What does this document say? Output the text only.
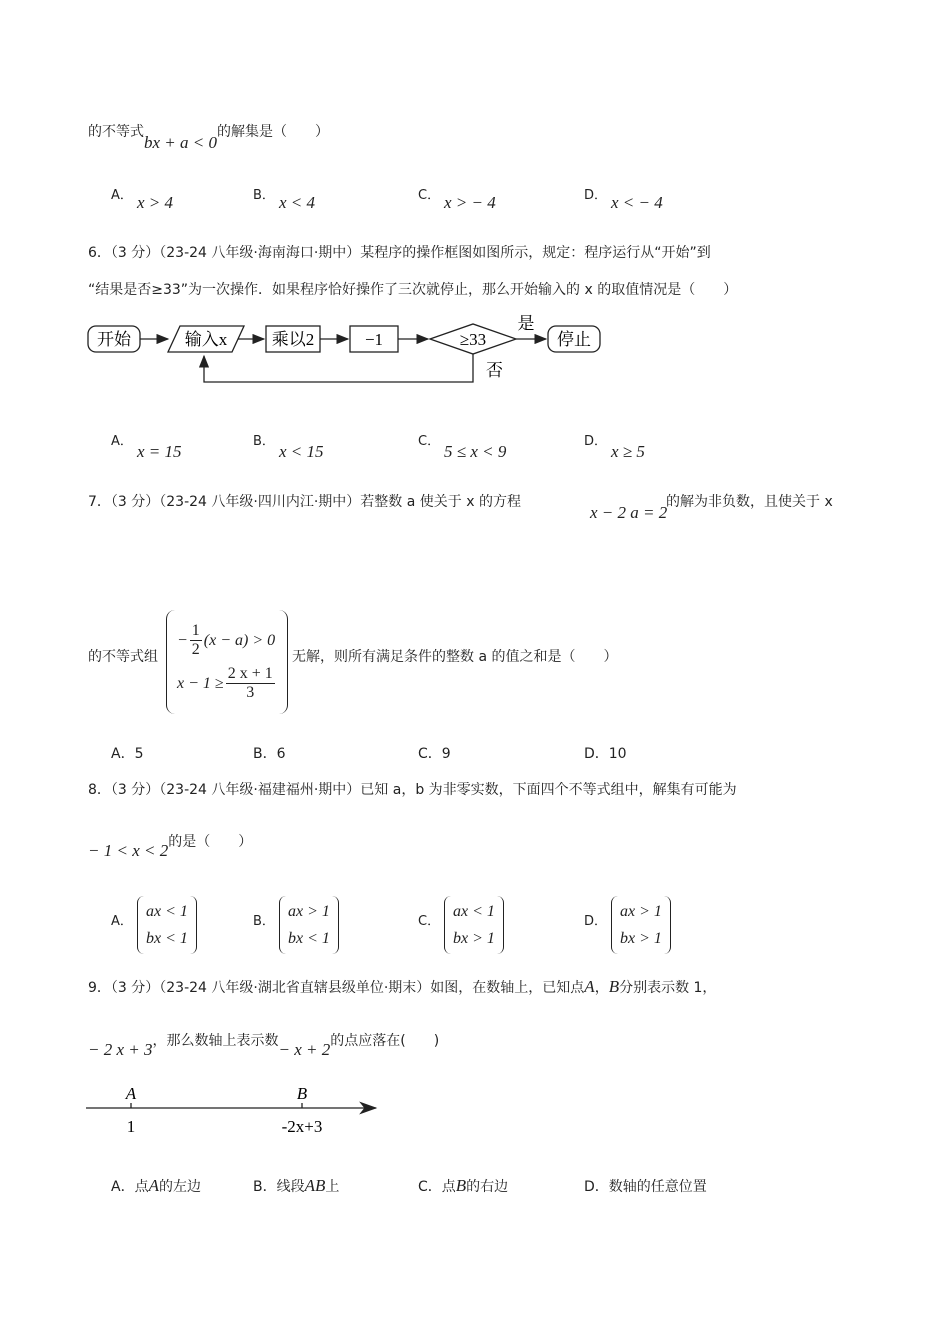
的不等式bx + a < 0的解集是（　　）
A． x > 4	B． x < 4	C． x > − 4	D． x < − 4
6．（3 分）（23-24 八年级·海南海口·期中）某程序的操作框图如图所示，规定：程序运行从“开始”到
“结果是否≥33”为一次操作．如果程序恰好操作了三次就停止，那么开始输入的 x 的取值情况是（　　）
开始	输入x	乘以2	−1	≥33
是
停止
否
A．
x = 15
B．
x < 15
C．
5 ≤ x < 9
D．
x ≥ 5
7．（3 分）（23-24 八年级·四川内江·期中）若整数 a 使关于 x 的方程
x − 2 a = 2
的解为非负数，且使关于 x
的不等式组
− $\frac{1}{2} (x - a) > 0$
$x - 1 \ge \frac{2 x + 1}{3}$
无解，则所有满足条件的整数 a 的值之和是（　　）
A．5	B．6	C．9	D．10
8．（3 分）（23-24 八年级·福建福州·期中）已知 a，b 为非零实数，下面四个不等式组中，解集有可能为
− 1 < x < 2的是（　　）
A．
ax < 1
bx < 1
B．
ax > 1
bx < 1
C．
ax < 1
bx > 1
D．
ax > 1
bx > 1
9．（3 分）（23-24 八年级·湖北省直辖县级单位·期末）如图，在数轴上，已知点A，B分别表示数 1，
− 2 x + 3，那么数轴上表示数− x + 2的点应落在(　　)
A	B
1	-2x+3
A．点A的左边	B．线段AB上	C．点B的右边	D．数轴的任意位置
